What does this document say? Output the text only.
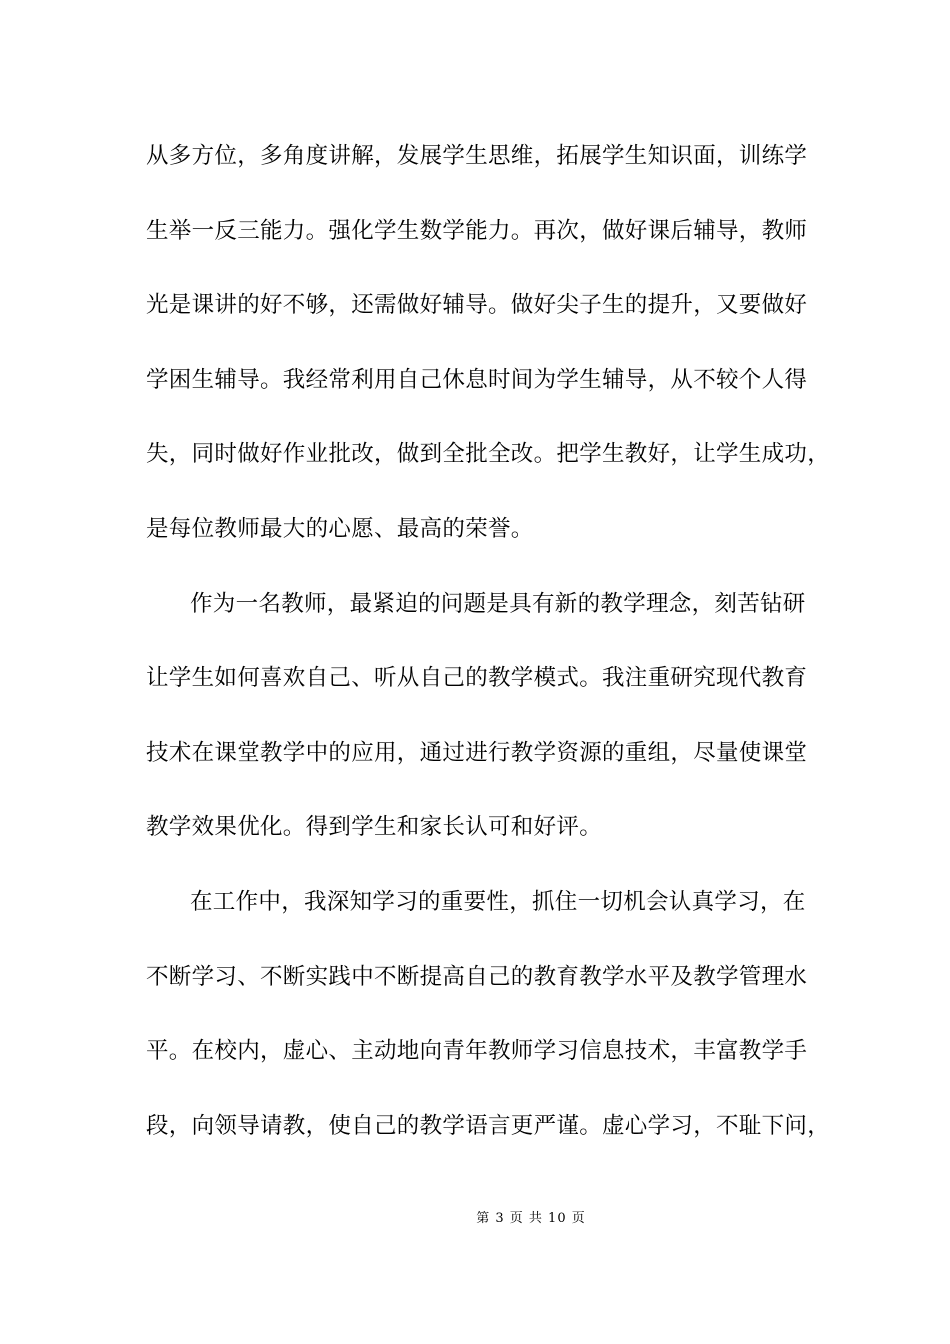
从多方位，多角度讲解，发展学生思维，拓展学生知识面，训练学
生举一反三能力。强化学生数学能力。再次，做好课后辅导，教师
光是课讲的好不够，还需做好辅导。做好尖子生的提升，又要做好
学困生辅导。我经常利用自己休息时间为学生辅导，从不较个人得
失，同时做好作业批改，做到全批全改。把学生教好，让学生成功，
是每位教师最大的心愿、最高的荣誉。
作为一名教师，最紧迫的问题是具有新的教学理念，刻苦钻研
让学生如何喜欢自己、听从自己的教学模式。我注重研究现代教育
技术在课堂教学中的应用，通过进行教学资源的重组，尽量使课堂
教学效果优化。得到学生和家长认可和好评。
在工作中，我深知学习的重要性，抓住一切机会认真学习，在
不断学习、不断实践中不断提高自己的教育教学水平及教学管理水
平。在校内，虚心、主动地向青年教师学习信息技术，丰富教学手
段，向领导请教，使自己的教学语言更严谨。虚心学习，不耻下问，
第 3 页 共 10 页
